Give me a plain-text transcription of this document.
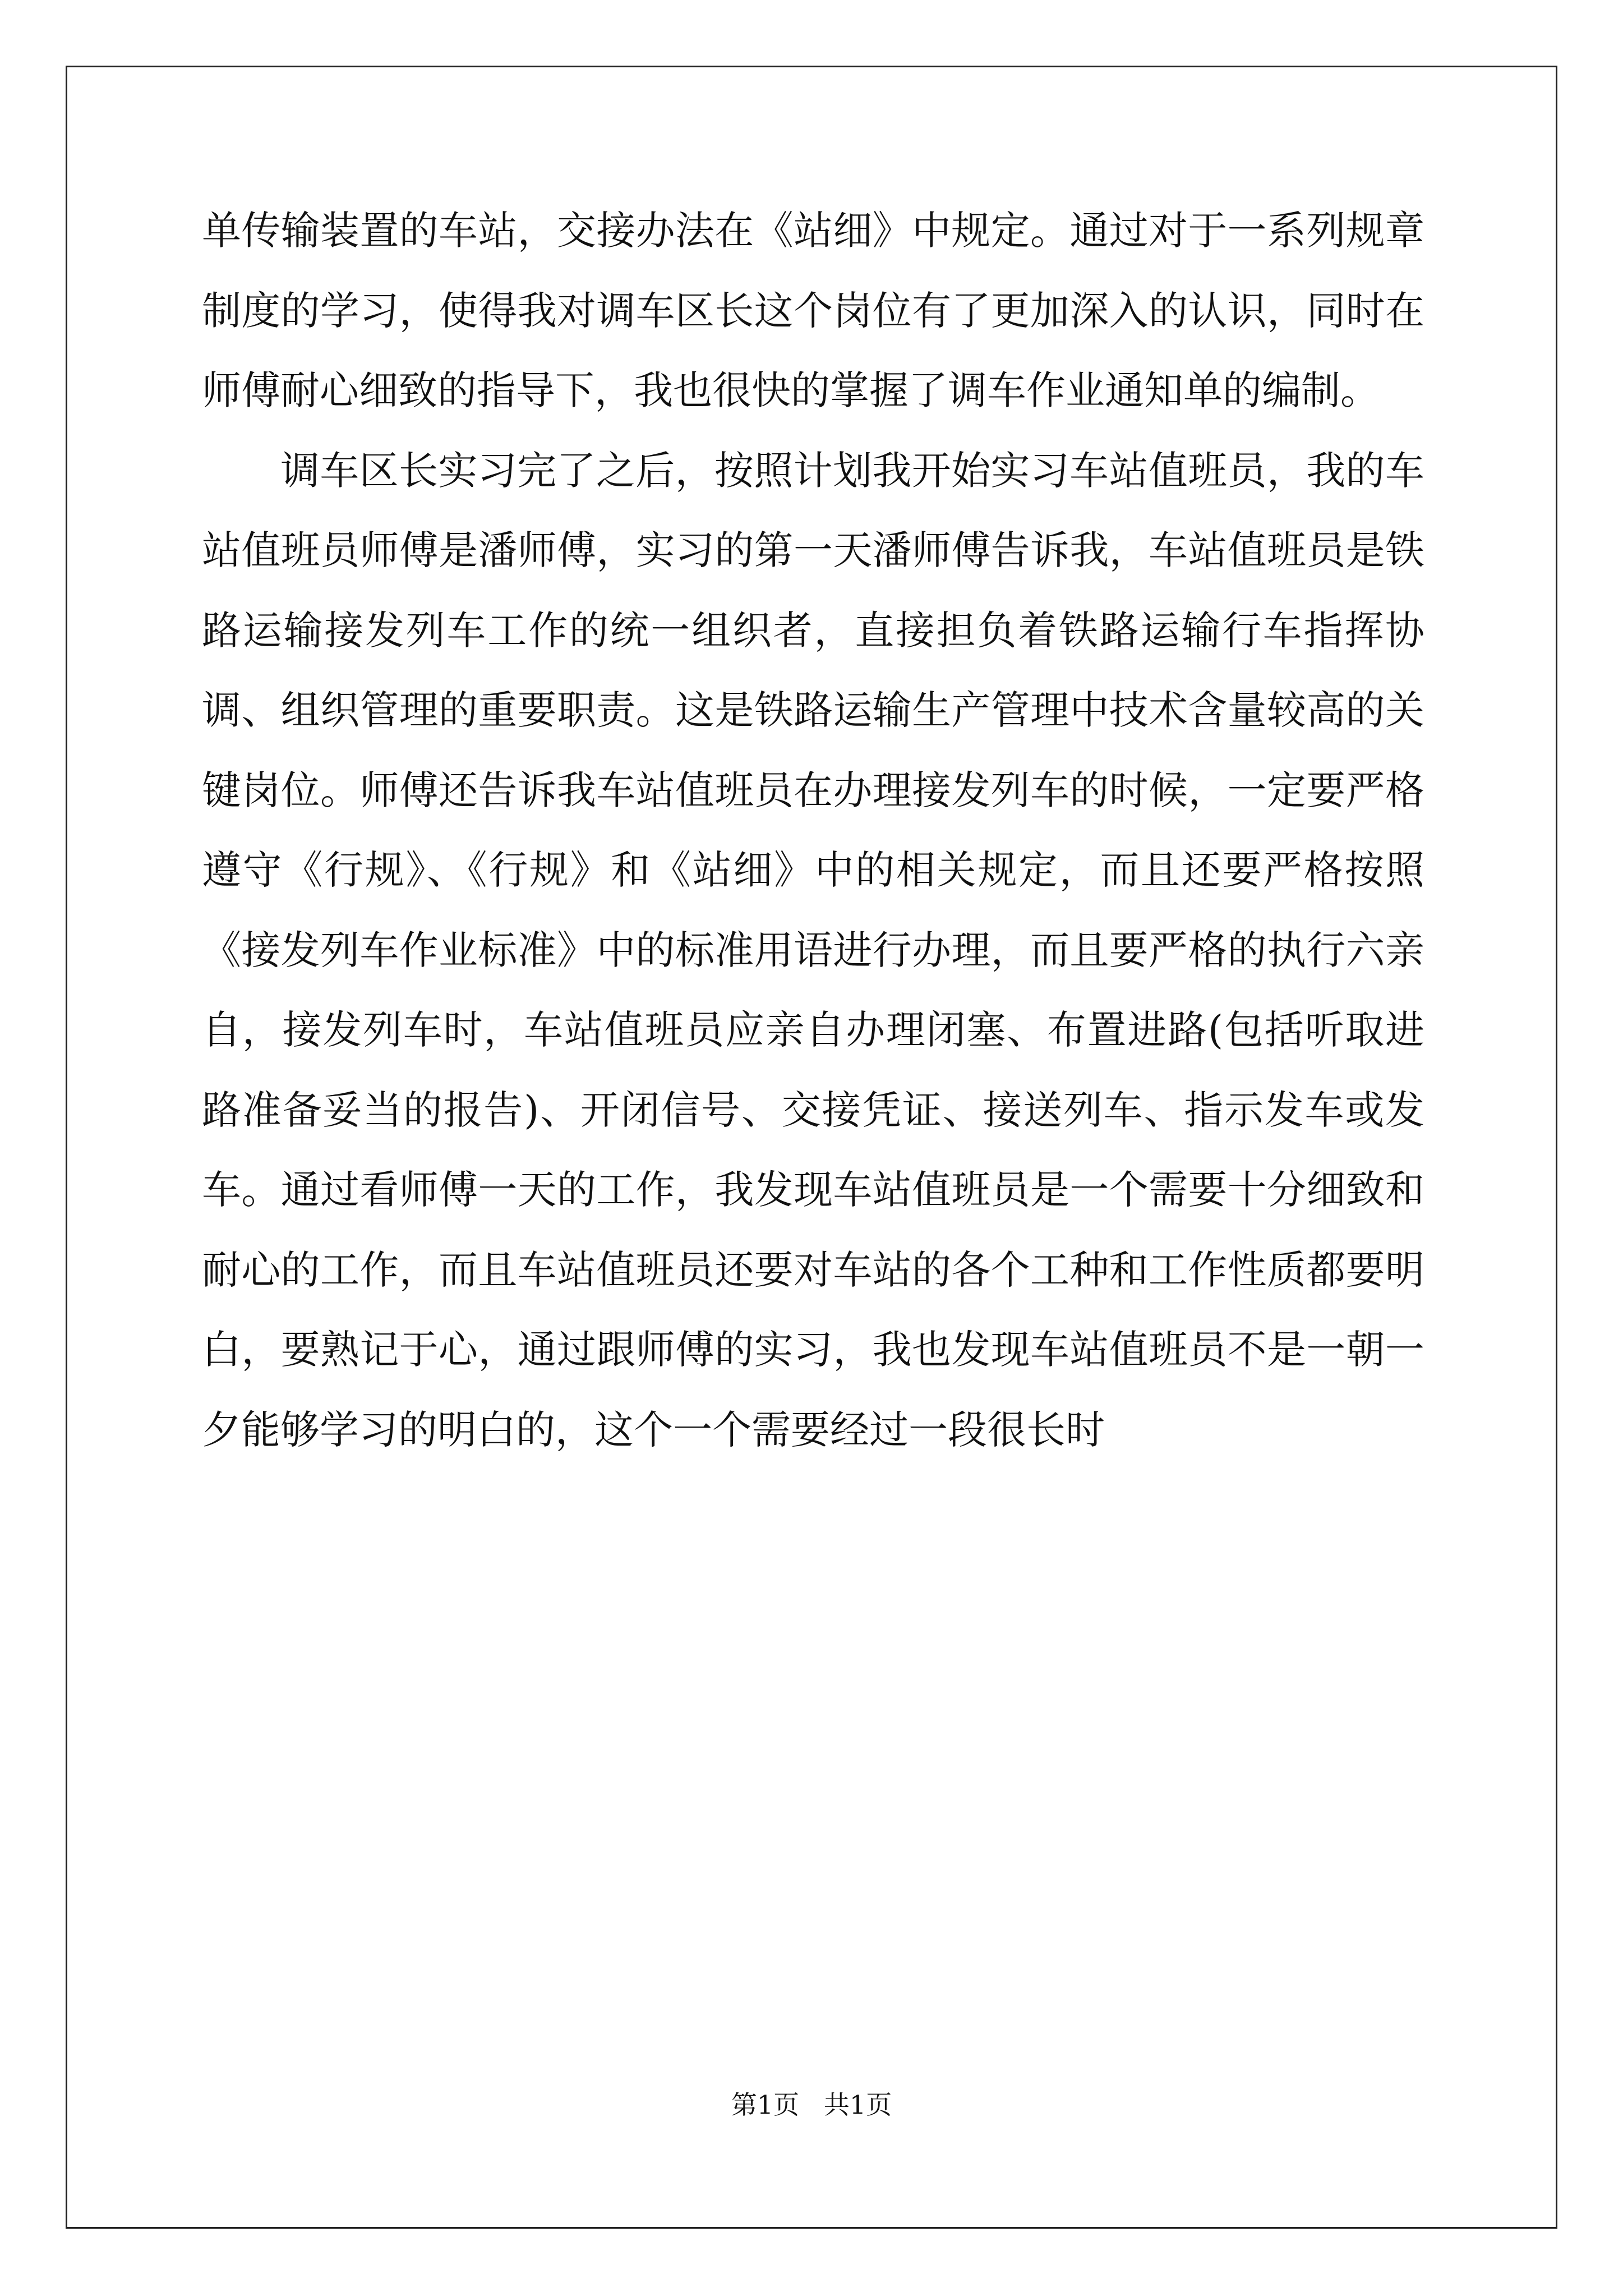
单传输装置的车站，交接办法在《站细》中规定。通过对于一系列规章制度的学习，使得我对调车区长这个岗位有了更加深入的认识，同时在师傅耐心细致的指导下，我也很快的掌握了调车作业通知单的编制。

调车区长实习完了之后，按照计划我开始实习车站值班员，我的车站值班员师傅是潘师傅，实习的第一天潘师傅告诉我，车站值班员是铁路运输接发列车工作的统一组织者，直接担负着铁路运输行车指挥协调、组织管理的重要职责。这是铁路运输生产管理中技术含量较高的关键岗位。师傅还告诉我车站值班员在办理接发列车的时候，一定要严格遵守《行规》、《行规》和《站细》中的相关规定，而且还要严格按照《接发列车作业标准》中的标准用语进行办理，而且要严格的执行六亲自，接发列车时，车站值班员应亲自办理闭塞、布置进路(包括听取进路准备妥当的报告)、开闭信号、交接凭证、接送列车、指示发车或发车。通过看师傅一天的工作，我发现车站值班员是一个需要十分细致和耐心的工作，而且车站值班员还要对车站的各个工种和工作性质都要明白，要熟记于心，通过跟师傅的实习，我也发现车站值班员不是一朝一夕能够学习的明白的，这个一个需要经过一段很长时

第1页   共1页
